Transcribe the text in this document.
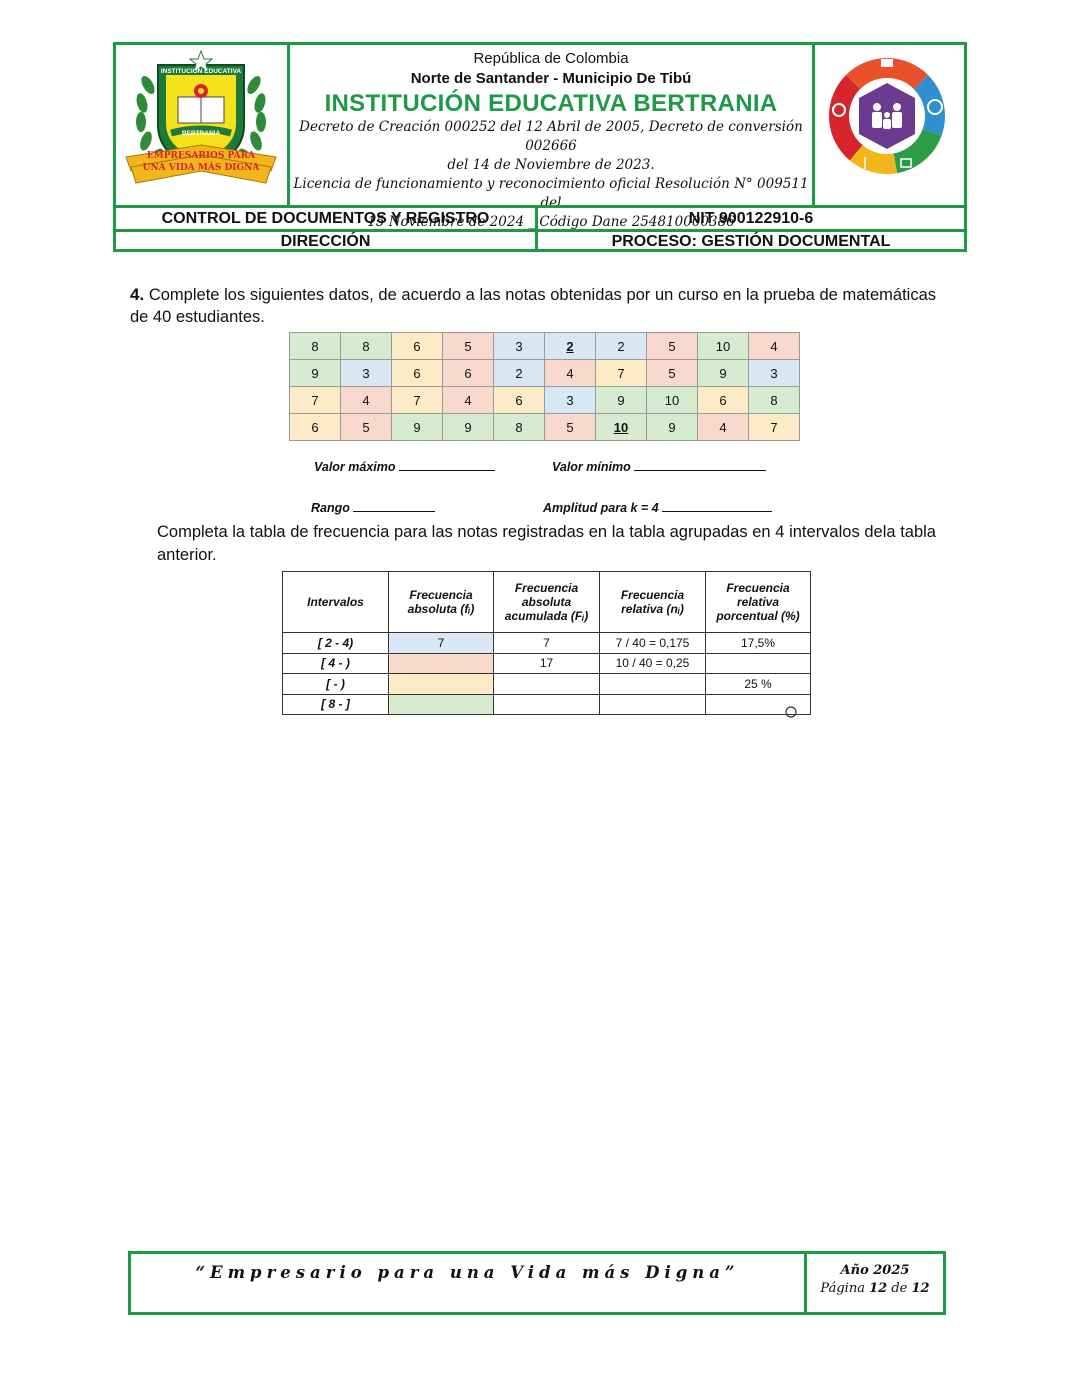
INSTITUCION EDUCATIVA
BERTRANIA
EMPRESARIOS PARA
UNA VIDA MÁS DIGNA
República de Colombia
Norte de Santander - Municipio De Tibú
INSTITUCIÓN EDUCATIVA BERTRANIA
Decreto de Creación 000252 del 12 Abril de 2005, Decreto de conversión 002666
del 14 de Noviembre de 2023.
Licencia de funcionamiento y reconocimiento oficial Resolución N° 009511 del
15 Noviembre de 2024 _ Código Dane 254810000386
CONTROL DE DOCUMENTOS Y REGISTRO	NIT 900122910-6
DIRECCIÓN	PROCESO: GESTIÓN DOCUMENTAL
4. Complete los siguientes datos, de acuerdo a las notas obtenidas por un curso en la prueba de matemáticas de 40 estudiantes.
8	8	6	5	3	2	2	5	10	4
9	3	6	6	2	4	7	5	9	3
7	4	7	4	6	3	9	10	6	8
6	5	9	9	8	5	10	9	4	7
Valor máximo	Valor mínimo
Rango	Amplitud para k = 4
Completa la tabla de frecuencia para las notas registradas en la tabla agrupadas en 4 intervalos dela tabla anterior.
Intervalos	Frecuencia absoluta (fᵢ)	Frecuencia absoluta acumulada (Fᵢ)	Frecuencia relativa (nᵢ)	Frecuencia relativa porcentual (%)
[ 2 - 4)	7	7	7 / 40 = 0,175	17,5%
[ 4 - )		17	10 / 40 = 0,25	
[ - )				25 %
[ 8 - ]				
“Empresario para una Vida más Digna”	Año 2025
Página 12 de 12
